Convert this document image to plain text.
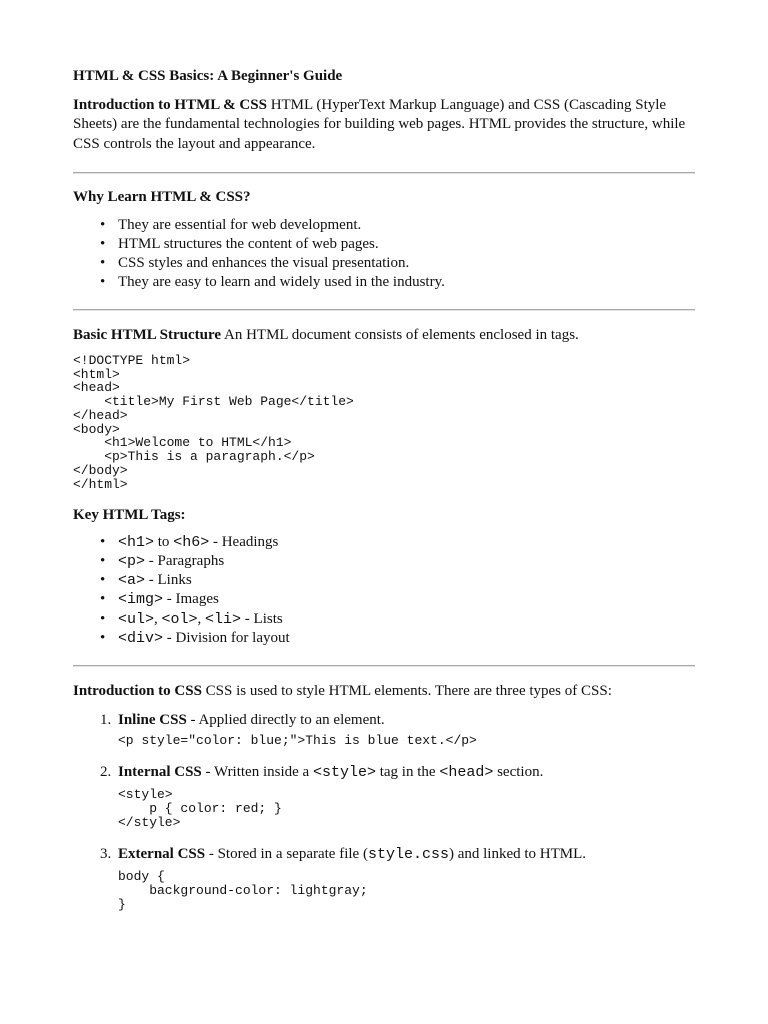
HTML & CSS Basics: A Beginner's Guide

Introduction to HTML & CSS HTML (HyperText Markup Language) and CSS (Cascading Style Sheets) are the fundamental technologies for building web pages. HTML provides the structure, while CSS controls the layout and appearance.

Why Learn HTML & CSS?

• They are essential for web development.
• HTML structures the content of web pages.
• CSS styles and enhances the visual presentation.
• They are easy to learn and widely used in the industry.

Basic HTML Structure An HTML document consists of elements enclosed in tags.

<!DOCTYPE html>
<html>
<head>
<title>My First Web Page</title>
</head>
<body>
<h1>Welcome to HTML</h1>
<p>This is a paragraph.</p>
</body>
</html>

Key HTML Tags:

• <h1> to <h6> - Headings
• <p> - Paragraphs
• <a> - Links
• <img> - Images
• <ul>, <ol>, <li> - Lists
• <div> - Division for layout

Introduction to CSS CSS is used to style HTML elements. There are three types of CSS:

1. Inline CSS - Applied directly to an element.
<p style="color: blue;">This is blue text.</p>
2. Internal CSS - Written inside a <style> tag in the <head> section.
<style>
p { color: red; }
</style>
3. External CSS - Stored in a separate file (style.css) and linked to HTML.
body {
background-color: lightgray;
}
